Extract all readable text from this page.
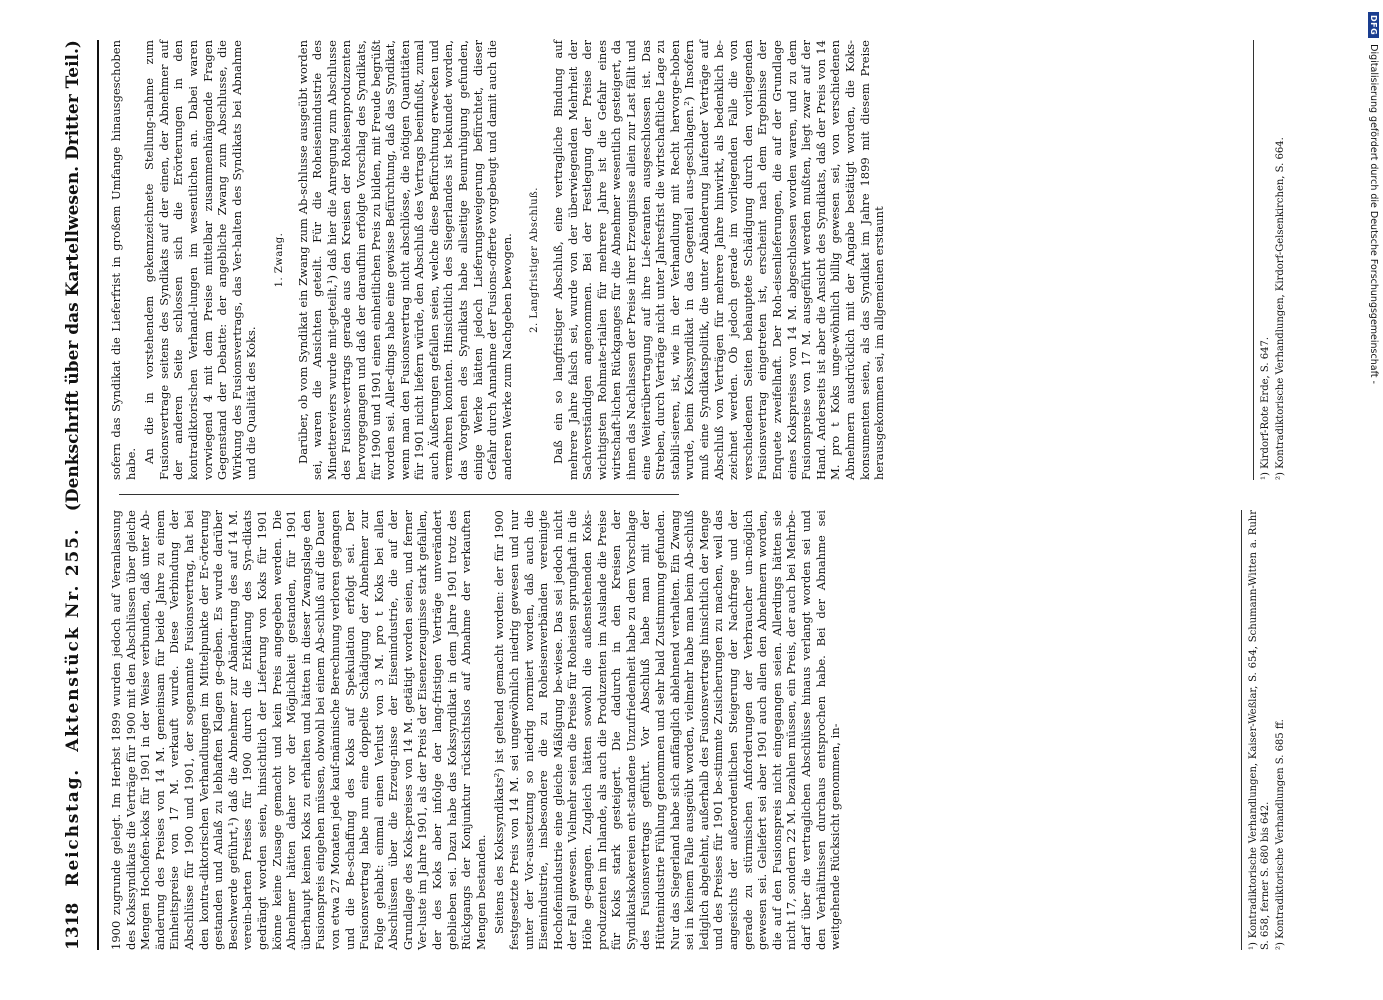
1318
Reichstag.
Aktenstück Nr. 255.
(Denkschrift über das Kartellwesen. Dritter Teil.)

1900 zugrunde gelegt. Im Herbst 1899 wurden jedoch auf Veranlassung des Kokssyndikats die Verträge für 1900 mit den Abschlüssen über gleiche Mengen Hochofen-koks für 1901 in der Weise verbunden, daß unter Ab-änderung des Preises von 14 M. gemeinsam für beide Jahre zu einem Einheitspreise von 17 M. verkauft wurde. Diese Verbindung der Abschlüsse für 1900 und 1901, der sogenannte Fusionsvertrag, hat bei den kontra-diktorischen Verhandlungen im Mittelpunkte der Er-örterung gestanden und Anlaß zu lebhaften Klagen ge-geben. Es wurde darüber Beschwerde geführt,¹) daß die Abnehmer zur Abänderung des auf 14 M. verein-barten Preises für 1900 durch die Erklärung des Syn-dikats gedrängt worden seien, hinsichtlich der Lieferung von Koks für 1901 könne keine Zusage gemacht und kein Preis angegeben werden. Die Abnehmer hätten daher vor der Möglichkeit gestanden, für 1901 überhaupt keinen Koks zu erhalten und hätten in dieser Zwangslage den Fusionspreis eingehen müssen, obwohl bei einem Ab-schluß auf die Dauer von etwa 27 Monaten jede kauf-männische Berechnung verloren gegangen und die Be-schaffung des Koks auf Spekulation erfolgt sei. Der Fusionsvertrag habe nun eine doppelte Schädigung der Abnehmer zur Folge gehabt: einmal einen Verlust von 3 M. pro t Koks bei allen Abschlüssen über die Erzeug-nisse der Eisenindustrie, die auf der Grundlage des Koks-preises von 14 M. getätigt worden seien, und ferner Ver-luste im Jahre 1901, als der Preis der Eisenerzeugnisse stark gefallen, der des Koks aber infolge der lang-fristigen Verträge unverändert geblieben sei. Dazu habe das Kokssyndikat in dem Jahre 1901 trotz des Rückgangs der Konjunktur rücksichtslos auf Abnahme der verkauften Mengen bestanden. Seitens des Kokssyndikats²) ist geltend gemacht worden: der für 1900 festgesetzte Preis von 14 M. sei ungewöhnlich niedrig gewesen und nur unter der Vor-aussetzung so niedrig normiert worden, daß auch die Eisenindustrie, insbesondere die zu Roheisenverbänden vereinigte Hochofenindustrie eine gleiche Mäßigung be-wiese. Das sei jedoch nicht der Fall gewesen. Vielmehr seien die Preise für Roheisen sprunghaft in die Höhe ge-gangen. Zugleich hätten sowohl die außenstehenden Koks-produzenten im Inlande, als auch die Produzenten im Auslande die Preise für Koks stark gesteigert. Die dadurch in den Kreisen der Syndikatskokereien ent-standene Unzufriedenheit habe zu dem Vorschlage des Fusionsvertrags geführt. Vor Abschluß habe man mit der Hüttenindustrie Fühlung genommen und sehr bald Zustimmung gefunden. Nur das Siegerland habe sich anfänglich ablehnend verhalten. Ein Zwang sei in keinem Falle ausgeübt worden, vielmehr habe man beim Ab-schluß lediglich abgelehnt, außerhalb des Fusionsvertrags hinsichtlich der Menge und des Preises für 1901 be-stimmte Zusicherungen zu machen, weil das angesichts der außerordentlichen Steigerung der Nachfrage und der gerade zu stürmischen Anforderungen der Verbraucher un-möglich gewesen sei. Geliefert sei aber 1901 auch allen den Abnehmern worden, die auf den Fusionspreis nicht eingegangen seien. Allerdings hätten sie nicht 17, sondern 22 M. bezahlen müssen, ein Preis, der auch bei Mehrbe-darf über die vertraglichen Abschlüsse hinaus verlangt worden sei und den Verhältnissen durchaus entsprochen habe. Bei der Abnahme sei weitgehende Rücksicht genommen, in-	¹) Kontradiktorische Verhandlungen, Kaiser-Weßlar, S. 654, Schumann-Witten a. Ruhr S. 658, ferner S. 680 bis 642. ²) Kontradiktorische Verhandlungen S. 685 ff.

sofern das Syndikat die Lieferfrist in großem Umfange hinausgeschoben habe. An die in vorstehendem gekennzeichnete Stellung-nahme zum Fusionsvertrage seitens des Syndikats auf der einen, der Abnehmer auf der anderen Seite schlossen sich die Erörterungen in den kontradiktorischen Verhand-lungen im wesentlichen an. Dabei waren vorwiegend 4 mit dem Preise mittelbar zusammenhängende Fragen Gegenstand der Debatte: der angebliche Zwang zum Abschlusse, die Wirkung des Fusionsvertrags, das Ver-halten des Syndikats bei Abnahme und die Qualität des Koks.

1. Zwang. Darüber, ob vom Syndikat ein Zwang zum Ab-schlusse ausgeübt worden sei, waren die Ansichten geteilt. Für die Roheisenindustrie des Minettereviers wurde mit-geteilt,¹) daß hier die Anregung zum Abschlusse des Fusions-vertrags gerade aus den Kreisen der Roheisenproduzenten hervorgegangen und daß der daraufhin erfolgte Vorschlag des Syndikats, für 1900 und 1901 einen einheitlichen Preis zu bilden, mit Freude begrüßt worden sei. Aller-dings habe eine gewisse Befürchtung, daß das Syndikat, wenn man den Fusionsvertrag nicht abschlösse, die nötigen Quantitäten für 1901 nicht liefern würde, den Abschluß des Vertrags beeinflußt, zumal auch Äußerungen gefallen seien, welche diese Befürchtung erwecken und vermehren konnten. Hinsichtlich des Siegerlandes ist bekundet worden, das Vorgehen des Syndikats habe allseitige Beunruhigung gefunden, einige Werke hätten jedoch Lieferungsweigerung befürchtet, dieser Gefahr durch Annahme der Fusions-offerte vorgebeugt und damit auch die anderen Werke zum Nachgeben bewogen. 2. Langfristiger Abschluß. Daß ein so langfristiger Abschluß, eine vertragliche Bindung auf mehrere Jahre falsch sei, wurde von der überwiegenden Mehrheit der Sachverständigen angenommen. Bei der Festlegung der Preise der wichtigsten Rohmate-rialien für mehrere Jahre ist die Gefahr eines wirtschaft-lichen Rückganges für die Abnehmer wesentlich gesteigert, da ihnen das Nachlassen der Preise ihrer Erzeugnisse allein zur Last fällt und eine Weiterübertragung auf ihre Lie-feranten ausgeschlossen ist. Das Streben, durch Verträge nicht unter Jahresfrist die wirtschaftliche Lage zu stabili-sieren, ist, wie in der Verhandlung mit Recht hervorge-hoben wurde, beim Kokssyndikat in das Gegenteil aus-geschlagen.²) Insofern muß eine Syndikatspolitik, die unter Abänderung laufender Verträge auf Abschluß von Verträgen für mehrere Jahre hinwirkt, als bedenklich be-zeichnet werden. Ob jedoch gerade im vorliegenden Falle die von verschiedenen Seiten behauptete Schädigung durch den vorliegenden Fusionsvertrag eingetreten ist, erscheint nach dem Ergebnisse der Enquete zweifelhaft. Der Roh-eisenlieferungen, die auf der Grundlage eines Kokspreises von 14 M. abgeschlossen worden waren, und zu dem Fusionspreise von 17 M. ausgeführt werden mußten, liegt zwar auf der Hand. Anderseits ist aber die Ansicht des Syndikats, daß der Preis von 14 M. pro t Koks unge-wöhnlich billig gewesen sei, von verschiedenen Abnehmern ausdrücklich mit der Angabe bestätigt worden, die Koks-konsumenten seien, als das Syndikat im Jahre 1899 mit diesem Preise herausgekommen sei, im allgemeinen erstaunt	¹) Kirdorf-Rote Erde, S. 647. ²) Kontradiktorische Verhandlungen, Kirdorf-Gelsenkirchen, S. 664.
DFG
Digitalisierung gefördert durch die Deutsche Forschungsgemeinschaft -
